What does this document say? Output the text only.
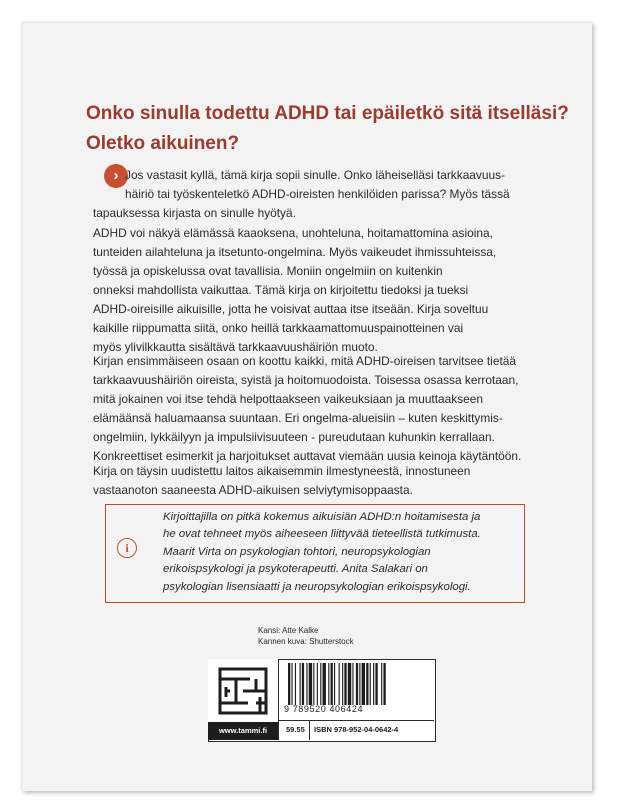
Onko sinulla todettu ADHD tai epäiletkö sitä itselläsi?
Oletko aikuinen?
› Jos vastasit kyllä, tämä kirja sopii sinulle. Onko läheiselläsi tarkkaavuus-
häiriö tai työskenteletkö ADHD-oireisten henkilöiden parissa? Myös tässä
tapauksessa kirjasta on sinulle hyötyä.
ADHD voi näkyä elämässä kaaoksena, unohteluna, hoitamattomina asioina,
tunteiden ailahteluna ja itsetunto-ongelmina. Myös vaikeudet ihmissuhteissa,
työssä ja opiskelussa ovat tavallisia. Moniin ongelmiin on kuitenkin
onneksi mahdollista vaikuttaa. Tämä kirja on kirjoitettu tiedoksi ja tueksi
ADHD-oireisille aikuisille, jotta he voisivat auttaa itse itseään. Kirja soveltuu
kaikille riippumatta siitä, onko heillä tarkkaamattomuuspainotteinen vai
myös ylivilkkautta sisältävä tarkkaavuushäiriön muoto.
Kirjan ensimmäiseen osaan on koottu kaikki, mitä ADHD-oireisen tarvitsee tietää
tarkkaavuushäiriön oireista, syistä ja hoitomuodoista. Toisessa osassa kerrotaan,
mitä jokainen voi itse tehdä helpottaakseen vaikeuksiaan ja muuttaakseen
elämäänsä haluamaansa suuntaan. Eri ongelma-alueisiin – kuten keskittymis-
ongelmiin, lykkäilyyn ja impulsiivisuuteen - pureudutaan kuhunkin kerrallaan.
Konkreettiset esimerkit ja harjoitukset auttavat viemään uusia keinoja käytäntöön.
Kirja on täysin uudistettu laitos aikaisemmin ilmestyneestä, innostuneen
vastaanoton saaneesta ADHD-aikuisen selviytymisoppaasta.
i
Kirjoittajilla on pitkä kokemus aikuisiän ADHD:n hoitamisesta ja
he ovat tehneet myös aiheeseen liittyvää tieteellistä tutkimusta.
Maarit Virta on psykologian tohtori, neuropsykologian
erikoispsykologi ja psykoterapeutti. Anita Salakari on
psykologian lisensiaatti ja neuropsykologian erikoispsykologi.
Kansi: Atte Kalke
Kannen kuva: Shutterstock
www.tammi.fi
9 789520 406424
59.55 ISBN 978-952-04-0642-4
